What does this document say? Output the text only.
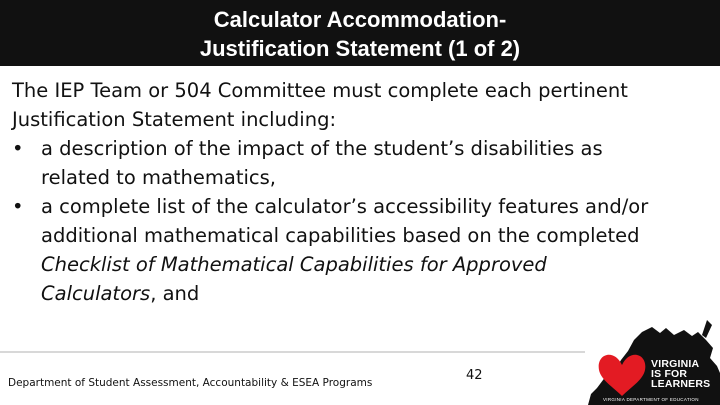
Calculator Accommodation-
Justification Statement (1 of 2)

The IEP Team or 504 Committee must complete each pertinent

Justification Statement including:

• a description of the impact of the student’s disabilities as
related to mathematics,
• a complete list of the calculator’s accessibility features and/or
additional mathematical capabilities based on the completed
Checklist of Mathematical Capabilities for Approved
Calculators, and
Department of Student Assessment, Accountability & ESEA Programs	42
VIRGINIA
IS FOR
LEARNERS
VIRGINIA DEPARTMENT OF EDUCATION
